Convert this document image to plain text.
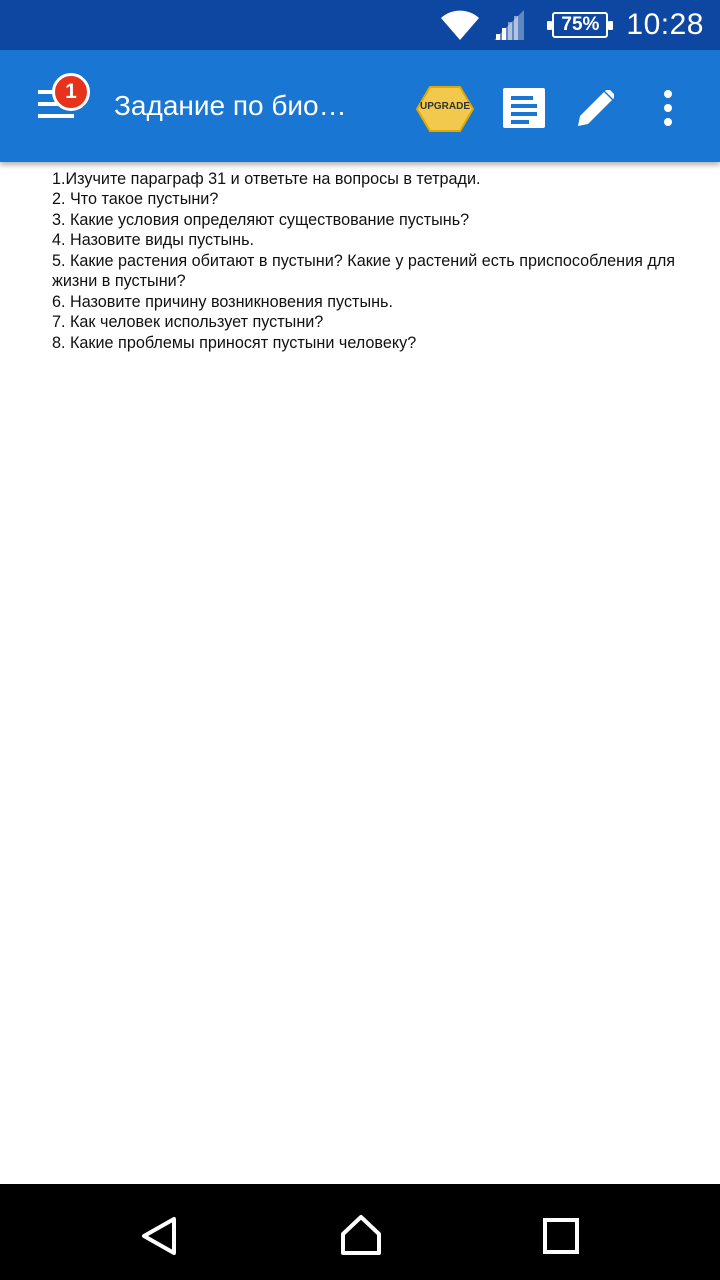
75% 10:28
1	Задание по био…	UPGRADE

1.Изучите параграф 31 и ответьте на вопросы в тетради.
2. Что такое пустыни?
3. Какие условия определяют существование пустынь?
4. Назовите виды пустынь.
5. Какие растения обитают в пустыни? Какие у растений есть приспособления для жизни в пустыни?
6. Назовите причину возникновения пустынь.
7. Как человек использует пустыни?
8. Какие проблемы приносят пустыни человеку?
